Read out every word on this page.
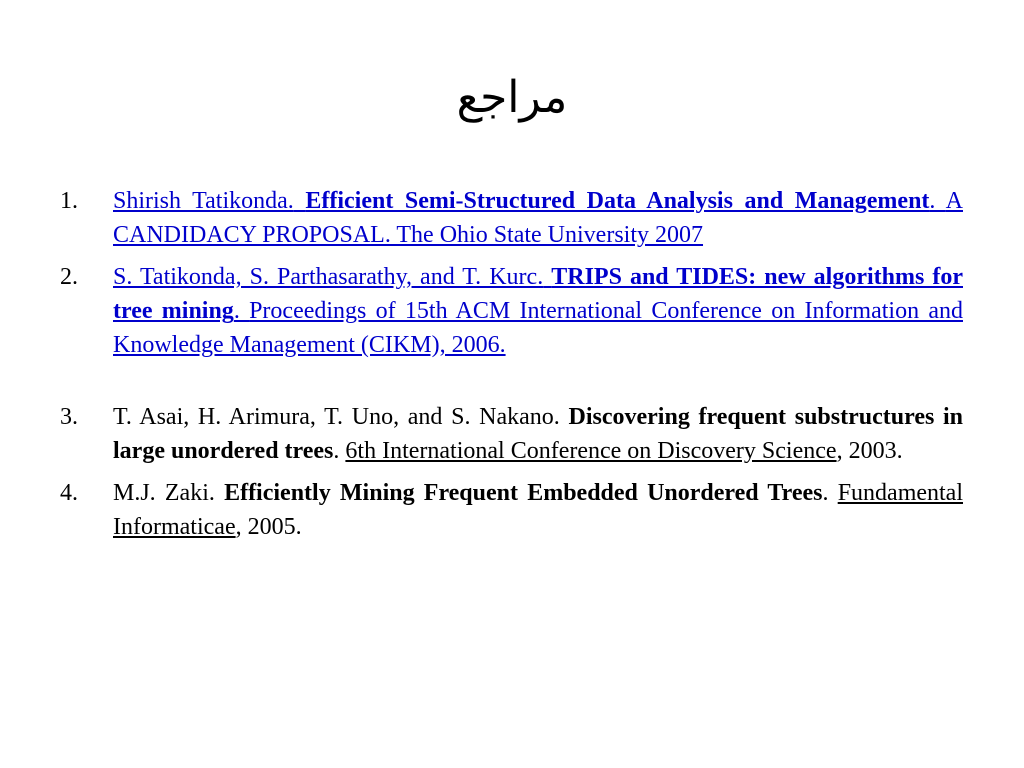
مراجع
1. Shirish Tatikonda. Efficient Semi-Structured Data Analysis and Management. A CANDIDACY PROPOSAL. The Ohio State University 2007
2. S. Tatikonda, S. Parthasarathy, and T. Kurc. TRIPS and TIDES: new algorithms for tree mining. Proceedings of 15th ACM International Conference on Information and Knowledge Management (CIKM), 2006.
3. T. Asai, H. Arimura, T. Uno, and S. Nakano. Discovering frequent substructures in large unordered trees. 6th International Conference on Discovery Science, 2003.
4. M.J. Zaki. Efficiently Mining Frequent Embedded Unordered Trees. Fundamental Informaticae, 2005.
